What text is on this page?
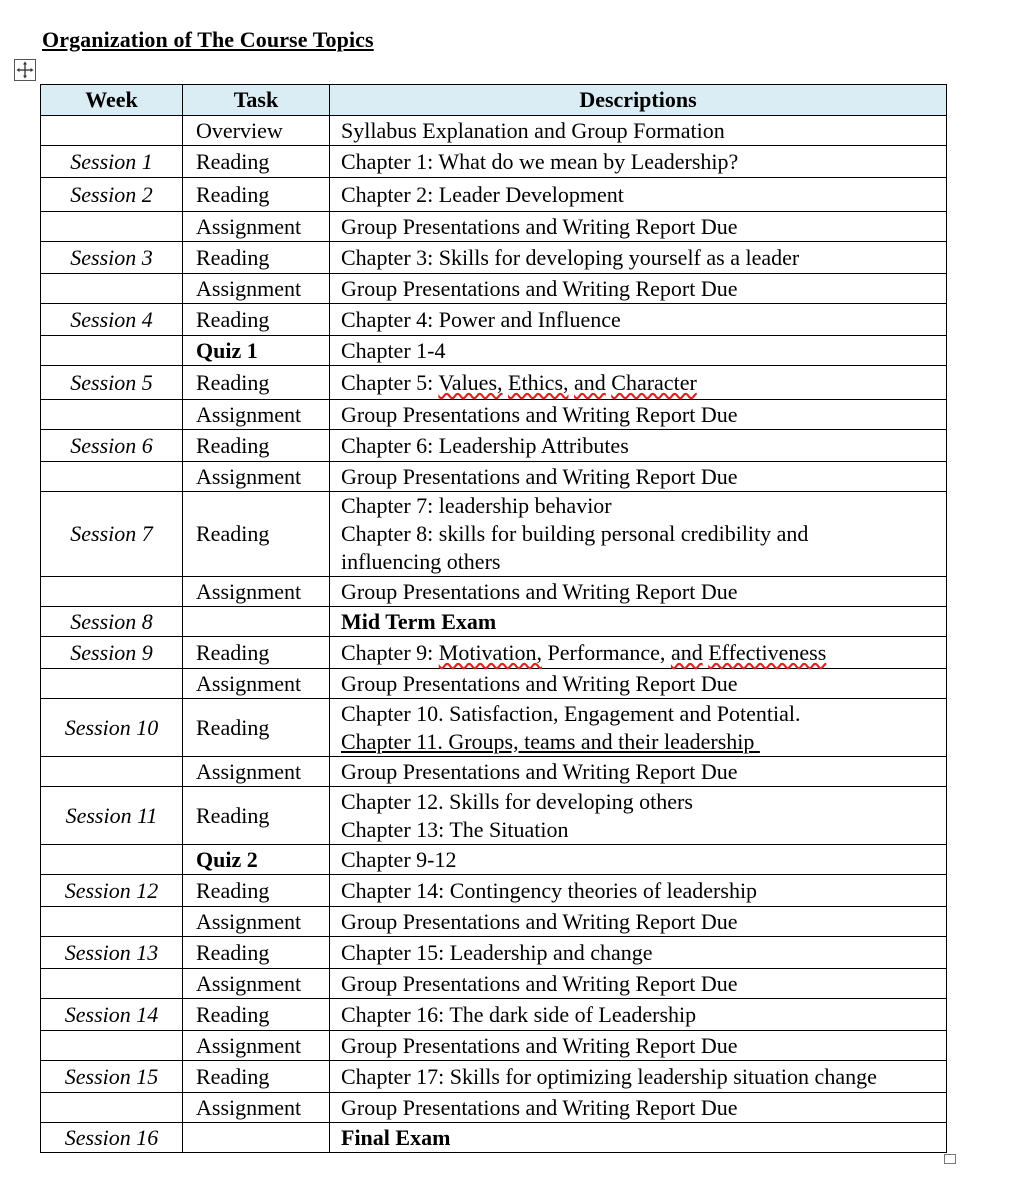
Organization of The Course Topics
Week	Task	Descriptions
	Overview	Syllabus Explanation and Group Formation

Session 1	Reading	Chapter 1: What do we mean by Leadership?

Session 2	Reading	Chapter 2: Leader Development

	Assignment	Group Presentations and Writing Report Due

Session 3	Reading	Chapter 3: Skills for developing yourself as a leader

	Assignment	Group Presentations and Writing Report Due

Session 4	Reading	Chapter 4: Power and Influence

	Quiz 1	Chapter 1-4

Session 5	Reading	Chapter 5: Values, Ethics, and Character

	Assignment	Group Presentations and Writing Report Due

Session 6	Reading	Chapter 6: Leadership Attributes

	Assignment	Group Presentations and Writing Report Due

Session 7	Reading	Chapter 7: leadership behavior
Chapter 8: skills for building personal credibility and
influencing others

	Assignment	Group Presentations and Writing Report Due

Session 8		Mid Term Exam

Session 9	Reading	Chapter 9: Motivation, Performance, and Effectiveness

	Assignment	Group Presentations and Writing Report Due

Session 10	Reading	Chapter 10. Satisfaction, Engagement and Potential.
Chapter 11. Groups, teams and their leadership

	Assignment	Group Presentations and Writing Report Due

Session 11	Reading	Chapter 12. Skills for developing others
Chapter 13: The Situation

	Quiz 2	Chapter 9-12

Session 12	Reading	Chapter 14: Contingency theories of leadership

	Assignment	Group Presentations and Writing Report Due

Session 13	Reading	Chapter 15: Leadership and change

	Assignment	Group Presentations and Writing Report Due

Session 14	Reading	Chapter 16: The dark side of Leadership

	Assignment	Group Presentations and Writing Report Due

Session 15	Reading	Chapter 17: Skills for optimizing leadership situation change

	Assignment	Group Presentations and Writing Report Due

Session 16		Final Exam
